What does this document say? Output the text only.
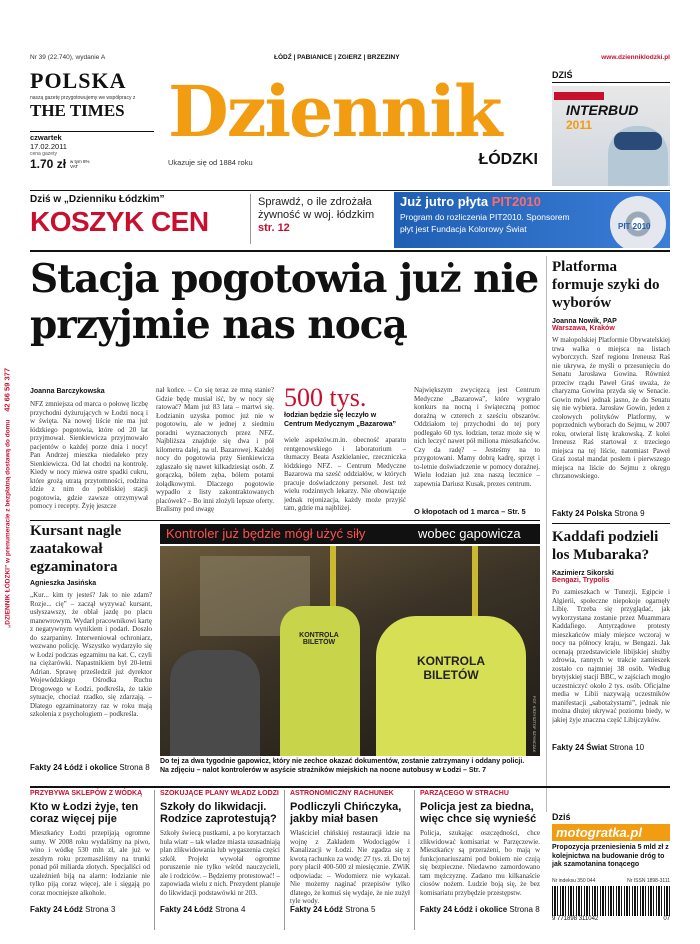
„DZIENNIK ŁÓDZKI” w prenumeracie z bezpłatną dostawą do domu 42 66 59 377
Nr 39 (22.740), wydanie A	ŁÓDŹ | PABIANICE | ZGIERZ | BRZEZINY	www.dzienniklodzki.pl
POLSKA
naszą gazetę przygotowujemy we współpracy z
THE TIMES
czwartek
17.02.2011
cena gazety
1.70 zł w tym 8% VAT
Dziennik
ŁÓDZKI
Ukazuje się od 1884 roku
DZIŚ
INTERBUD
2011
Dziś w „Dzienniku Łódzkim”
KOSZYK CEN
Sprawdź, o ile zdrożała żywność w woj. łódzkim str. 12
Już jutro płyta PIT2010
Program do rozliczenia PIT2010. Sponsorem
płyt jest Fundacja Kolorowy Świat	PIT 2010
Stacja pogotowia już nie przyjmie nas nocą
Joanna Barczykowska
NFZ zmniejsza od marca o połowę liczbę przychodni dyżurujących w Łodzi nocą i w święta. Na nowej liście nie ma już łódzkiego pogotowia, które od 20 lat przyjmował. Sienkiewicza przyjmowało pacjentów o każdej porze dnia i nocy! Pan Andrzej mieszka niedaleko przy Sienkiewicza. Od lat chodzi na kontrolę. Kiedy w nocy miewa ostre spadki cukru, które grożą utratą przytomności, rodzina idzie z nim do pobliskiej stacji pogotowia, gdzie zawsze otrzymywał pomocy i recepty. Żyję jeszcze
nał końce. – Co się teraz ze mną stanie? Gdzie będę musiał iść, by w nocy się ratować? Mam już 83 lata – martwi się. Łodzianin uzyska pomoc już nie w pogotowiu, ale w jednej z siedmiu poradni wyznaczonych przez NFZ. Najbliższa znajduje się dwa i pół kilometra dalej, na ul. Bazarowej. Każdej nocy do pogotowia przy Sienkiewicza zgłaszało się nawet kilkadziesiąt osób. Z gorączką, bólem zęba, bólem potami żołądkowymi. Dlaczego pogotowie wypadło z listy zakontraktowanych placówek? – Bo inni złożyli lepsze oferty. Bralismy pod uwagę
500 tys.
łodzian będzie się leczyło w Centrum Medycznym „Bazarowa”
wiele aspektów.m.in. obecność aparatu rentgenowskiego i laboratorium – tłumaczy Beata Aszkielaniec, rzeczniczka łódzkiego NFZ. – Centrum Medyczne Bazarowa ma sześć oddziałów, w których pracuje doświadczony personel. Jest też wielu rodzinnych lekarzy. Nie obowiązuje jednak rejonizacja, każdy może przyjść tam, gdzie ma najbliżej.
Największym zwycięzcą jest Centrum Medyczne „Bazarowa”, które wygrało konkurs na nocną i świąteczną pomoc doraźną w czterech z sześciu obszarów. Oddziałom tej przychodni do tej pory podlegało 60 tys. łodzian, teraz może się w nich leczyć nawet pół miliona mieszkańców. Czy da radę? – Jesteśmy na to przygotowani. Mamy dobrą kadrę, sprzęt i to-letnie doświadczenie w pomocy doraźnej. Wielu łodzian już zna naszą lecznice – zapewnia Dariusz Kusak, prezes centrum.
O kłopotach od 1 marca – Str. 5
Platforma formuje szyki do wyborów
Joanna Nowik, PAP
Warszawa, Kraków
W małopolskiej Platformie Obywatelskiej trwa walka o miejsca na listach wyborczych. Szef regionu Ireneusz Raś nie ukrywa, że myśli o przesunięciu do Senatu Jarosława Gowina. Również przeciw rządu Paweł Graś uważa, że charyzma Gowina przyda się w Senacie. Gowin mówi jednak jasno, że do Senatu się nie wybiera. Jarosław Gowin, jeden z czołowych polityków Platformy, w poprzednich wyborach do Sejmu, w 2007 roku, otwierał listę krakowską. Z kolei Ireneusz Raś startował z trzeciego miejsca na tej liście, natomiast Paweł Graś został mandat posłem i pierwszego miejsca na liście do Sejmu z okręgu chrzanowskiego.
Fakty 24 Polska Strona 9
Kaddafi podzieli los Mubaraka?
Kazimierz Sikorski
Bengazi, Trypolis
Po zamieszkach w Tunezji, Egipcie i Algierii, społeczne niepokoje ogarnęły Libię. Trzeba się przyglądać, jak wykorzystana zostanie przez Muammara Kaddafiego. Antyrządowe protesty mieszkańców miały miejsce wczoraj w nocy na północy kraju, w Bengazi. Jak ocenają przedstawiciele libijskiej służby zdrowia, rannych w trakcie zamieszek zostało co najmniej 38 osób. Według brytyjskiej stacji BBC, w zajściach mogło uczestniczyć około 2 tys. osób. Oficjalne media w Libii nazywają uczestników manifestacji „sabotażystami”, jednak nie można dłużej ukrywać poziomu biedy, w jakiej żyje znaczna część Libijczyków.
Fakty 24 Świat Strona 10
Kursant nagle zaatakował egzaminatora
Agnieszka Jasińska
„Kur... kim ty jesteś? Jak to nie zdam? Rozje... cię” – zaczął wyzywać kursant, usłyszawszy, że oblał jazdę po placu manewrowym. Wydarł pracownikowi kartę z negatywnym wynikiem i podarł. Doszło do szarpaniny. Interweniował ochroniarz, wezwano policję. Wszystko wydarzyło się w Łodzi podczas egzaminu na kat. C, czyli na ciężarówki. Napastnikiem był 20-letni Adrian. Sprawę prześledził już dyrektor Wojewódzkiego Ośrodka Ruchu Drogowego w Łodzi, podkreśla, że takie sytuacje, chociaż rzadko, się zdarzają. – Dlatego egzaminatorzy raz w roku mają szkolenia z psychologiem – podkreśla.
Fakty 24 Łódź i okolice Strona 8
Kontroler już będzie mógł użyć siły	wobec gapowicza
KONTROLA BILETÓW
KONTROLA BILETÓW
FOT. KRZYSZTOF SZYMCZAK
Do tej za dwa tygodnie gapowicz, który nie zechce okazać dokumentów, zostanie zatrzymany i oddany policji.
Na zdjęciu – nalot kontrolerów w asyście strażników miejskich na nocne autobusy w Łodzi – Str. 7
PRZYBYWA SKLEPÓW Z WÓDKĄ
Kto w Łodzi żyje, ten coraz więcej pije
Mieszkańcy Łodzi przepijają ogromne sumy. W 2008 roku wydaliśmy na piwo, wino i wódkę 530 mln zł, ale już w zeszłym roku przemaszliśmy na trunki ponad pół miliarda złotych. Specjaliści od uzależnień biją na alarm: łodzianie nie tylko piją coraz więcej, ale i sięgają po coraz mocniejsze alkohole.
Fakty 24 Łódź Strona 3
SZOKUJĄCE PLANY WŁADZ ŁODZI
Szkoły do likwidacji. Rodzice zaprotestują?
Szkoły świecą pustkami, a po korytarzach hula wiatr – tak władze miasta uzasadniają plan zlikwidowania lub wygaszenia części szkół. Projekt wywołał ogromne poruszenie nie tylko wśród nauczycieli, ale i rodziców. – Będziemy protestować! – zapowiada wielu z nich. Prezydent planuje do likwidacji podstawówki nr 203.
Fakty 24 Łódź Strona 4
ASTRONOMICZNY RACHUNEK
Podliczyli Chińczyka, jakby miał basen
Właściciel chińskiej restauracji idzie na wojnę z Zakładem Wodociągów i Kanalizacji w Łodzi. Nie zgadza się z kwotą rachunku za wodę: 27 tys. zł. Do tej pory płacił 400-500 zł miesięcznie. ZWiK odpowiada: – Wodomierz nie wykazał. Nie możemy naginać przepisów tylko dlatego, że komuś się wydaje, że nie zużył tyle wody.
Fakty 24 Łódź Strona 5
PARZĄCEGO W STRACHU
Policja jest za biedna, więc chce się wynieść
Policja, szukając oszczędności, chce zlikwidować komisariat w Parzęczewie. Mieszkańcy są przerażeni, bo mają w funkcjonariuszami pod bokiem nie czują się bezpieczne. Niedawno zamordowano tam mężczyznę. Zadano mu kilkanaście ciosów nożem. Ludzie boją się, że bez komisariatu przybędzie przestępstw.
Fakty 24 Łódź i okolice Strona 8
Dziś
motogratka.pl
Propozycja przeniesienia 5 mld zł z kolejnictwa na budowanie dróg to jak szamotanina tonącego
Nr indeksu 350 044	Nr ISSN 1898-3111
9 771898 311042	07
